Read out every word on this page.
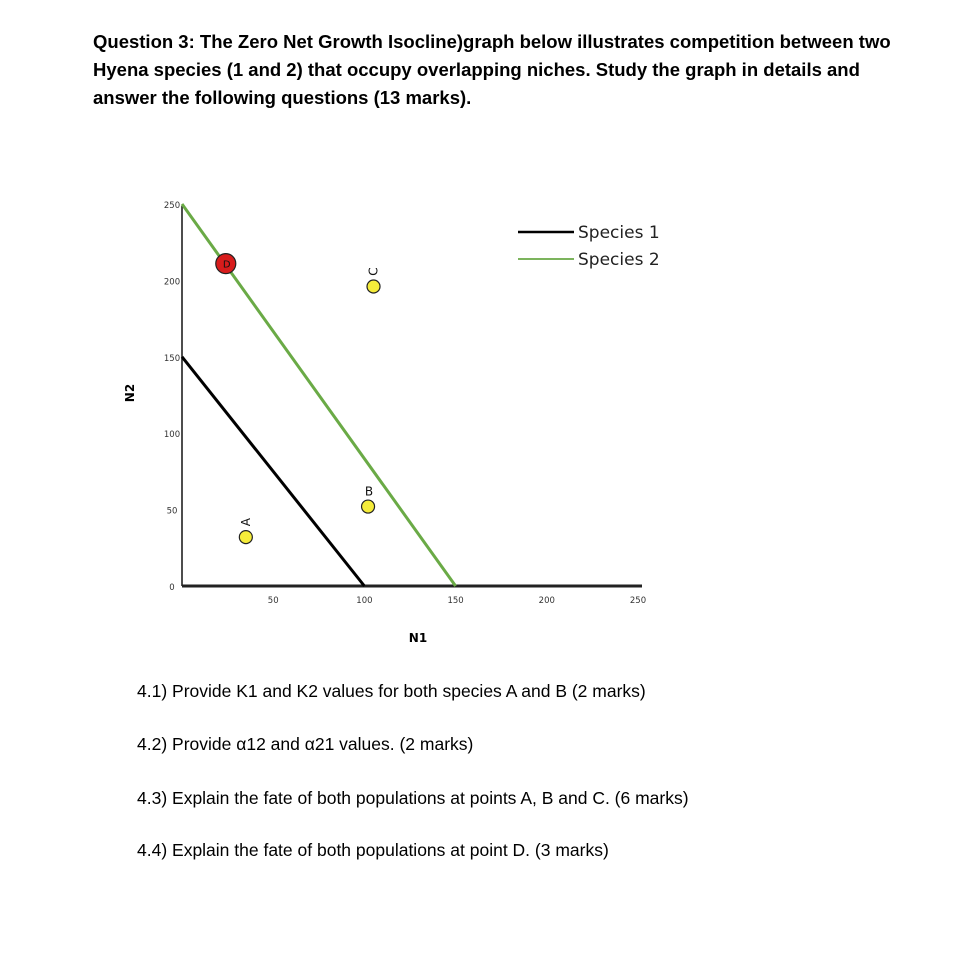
Question 3: The Zero Net Growth Isocline)graph below illustrates competition between two Hyena species (1 and 2) that occupy overlapping niches. Study the graph in details and answer the following questions (13 marks).
50	100	150	200	250
0
50
100
150
200
250
A
B
C
D
Species 1
Species 2
N1
N2
4.1) Provide K1 and K2 values for both species A and B (2 marks)
4.2) Provide α12 and α21 values. (2 marks)
4.3) Explain the fate of both populations at points A, B and C. (6 marks)
4.4) Explain the fate of both populations at point D. (3 marks)
